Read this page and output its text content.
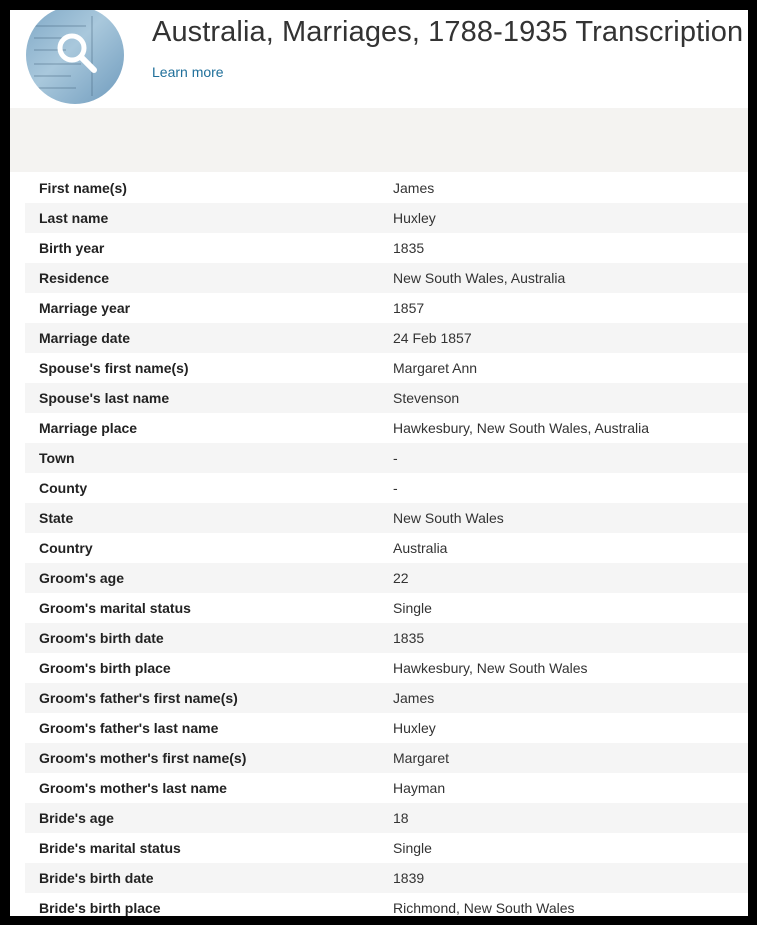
Australia, Marriages, 1788-1935 Transcription
Learn more
First name(s)	James
Last name	Huxley
Birth year	1835
Residence	New South Wales, Australia
Marriage year	1857
Marriage date	24 Feb 1857
Spouse's first name(s)	Margaret Ann
Spouse's last name	Stevenson
Marriage place	Hawkesbury, New South Wales, Australia
Town	-
County	-
State	New South Wales
Country	Australia
Groom's age	22
Groom's marital status	Single
Groom's birth date	1835
Groom's birth place	Hawkesbury, New South Wales
Groom's father's first name(s)	James
Groom's father's last name	Huxley
Groom's mother's first name(s)	Margaret
Groom's mother's last name	Hayman
Bride's age	18
Bride's marital status	Single
Bride's birth date	1839
Bride's birth place	Richmond, New South Wales
